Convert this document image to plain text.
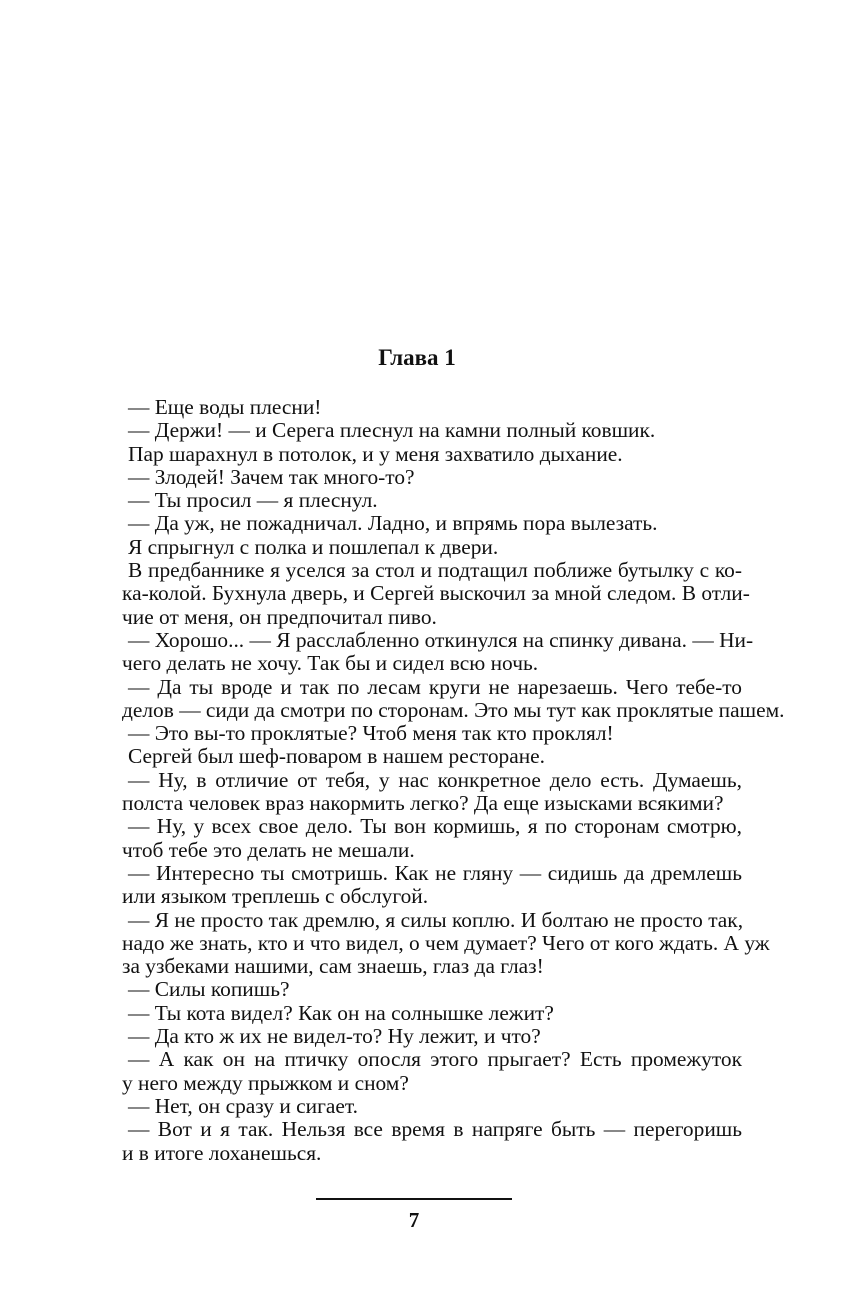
Глава 1
— Еще воды плесни!
— Держи! — и Серега плеснул на камни полный ковшик.
Пар шарахнул в потолок, и у меня захватило дыхание.
— Злодей! Зачем так много-то?
— Ты просил — я плеснул.
— Да уж, не пожадничал. Ладно, и впрямь пора вылезать.
Я спрыгнул с полка и пошлепал к двери.
В предбаннике я уселся за стол и подтащил поближе бутылку с ко-
ка-колой. Бухнула дверь, и Сергей выскочил за мной следом. В отли-
чие от меня, он предпочитал пиво.
— Хорошо... — Я расслабленно откинулся на спинку дивана. — Ни-
чего делать не хочу. Так бы и сидел всю ночь.
— Да ты вроде и так по лесам круги не нарезаешь. Чего тебе-то
делов — сиди да смотри по сторонам. Это мы тут как проклятые пашем.
— Это вы-то проклятые? Чтоб меня так кто проклял!
Сергей был шеф-поваром в нашем ресторане.
— Ну, в отличие от тебя, у нас конкретное дело есть. Думаешь,
полста человек враз накормить легко? Да еще изысками всякими?
— Ну, у всех свое дело. Ты вон кормишь, я по сторонам смотрю,
чтоб тебе это делать не мешали.
— Интересно ты смотришь. Как не гляну — сидишь да дремлешь
или языком треплешь с обслугой.
— Я не просто так дремлю, я силы коплю. И болтаю не просто так,
надо же знать, кто и что видел, о чем думает? Чего от кого ждать. А уж
за узбеками нашими, сам знаешь, глаз да глаз!
— Силы копишь?
— Ты кота видел? Как он на солнышке лежит?
— Да кто ж их не видел-то? Ну лежит, и что?
— А как он на птичку опосля этого прыгает? Есть промежуток
у него между прыжком и сном?
— Нет, он сразу и сигает.
— Вот и я так. Нельзя все время в напряге быть — перегоришь
и в итоге лоханешься.
7
